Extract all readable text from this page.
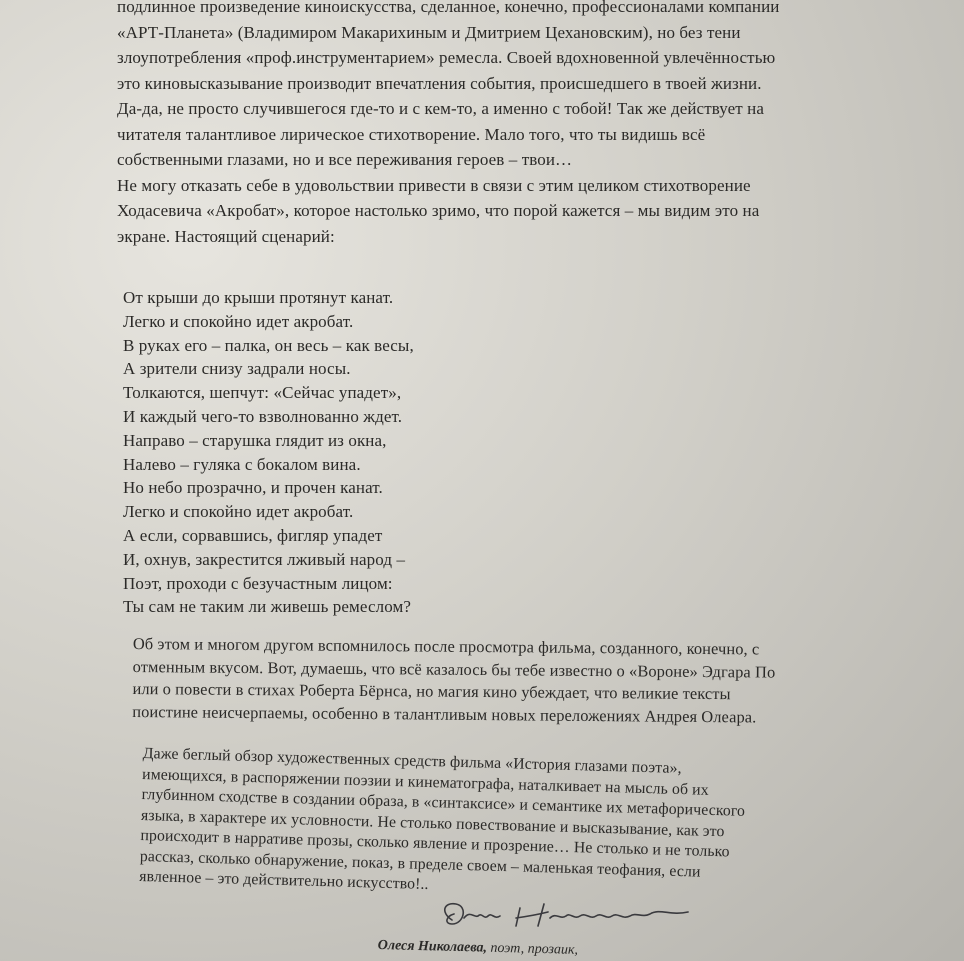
подлинное произведение киноискусства, сделанное, конечно, профессионалами компании
«АРТ-Планета» (Владимиром Макарихиным и Дмитрием Цехановским), но без тени
злоупотребления «проф.инструментарием» ремесла. Своей вдохновенной увлечённостью
это киновысказывание производит впечатления события, происшедшего в твоей жизни.
Да-да, не просто случившегося где-то и с кем-то, а именно с тобой! Так же действует на
читателя талантливое лирическое стихотворение. Мало того, что ты видишь всё
собственными глазами, но и все переживания героев – твои…
Не могу отказать себе в удовольствии привести в связи с этим целиком стихотворение
Ходасевича «Акробат», которое настолько зримо, что порой кажется – мы видим это на
экране. Настоящий сценарий:

От крыши до крыши протянут канат.
Легко и спокойно идет акробат.
В руках его – палка, он весь – как весы,
А зрители снизу задрали носы.
Толкаются, шепчут: «Сейчас упадет»,
И каждый чего-то взволнованно ждет.
Направо – старушка глядит из окна,
Налево – гуляка с бокалом вина.
Но небо прозрачно, и прочен канат.
Легко и спокойно идет акробат.
А если, сорвавшись, фигляр упадет
И, охнув, закрестится лживый народ –
Поэт, проходи с безучастным лицом:
Ты сам не таким ли живешь ремеслом?

Об этом и многом другом вспомнилось после просмотра фильма, созданного, конечно, с
отменным вкусом. Вот, думаешь, что всё казалось бы тебе известно о «Вороне» Эдгара По
или о повести в стихах Роберта Бёрнса, но магия кино убеждает, что великие тексты
поистине неисчерпаемы, особенно в талантливым новых переложениях Андрея Олеара.

Даже беглый обзор художественных средств фильма «История глазами поэта»,
имеющихся, в распоряжении поэзии и кинематографа, наталкивает на мысль об их
глубинном сходстве в создании образа, в «синтаксисе» и семантике их метафорического
языка, в характере их условности. Не столько повествование и высказывание, как это
происходит в нарративе прозы, сколько явление и прозрение… Не столько и не только
рассказ, сколько обнаружение, показ, в пределе своем – маленькая теофания, если
явленное – это действительно искусство!..

Олеся Николаева, поэт, прозаик,
